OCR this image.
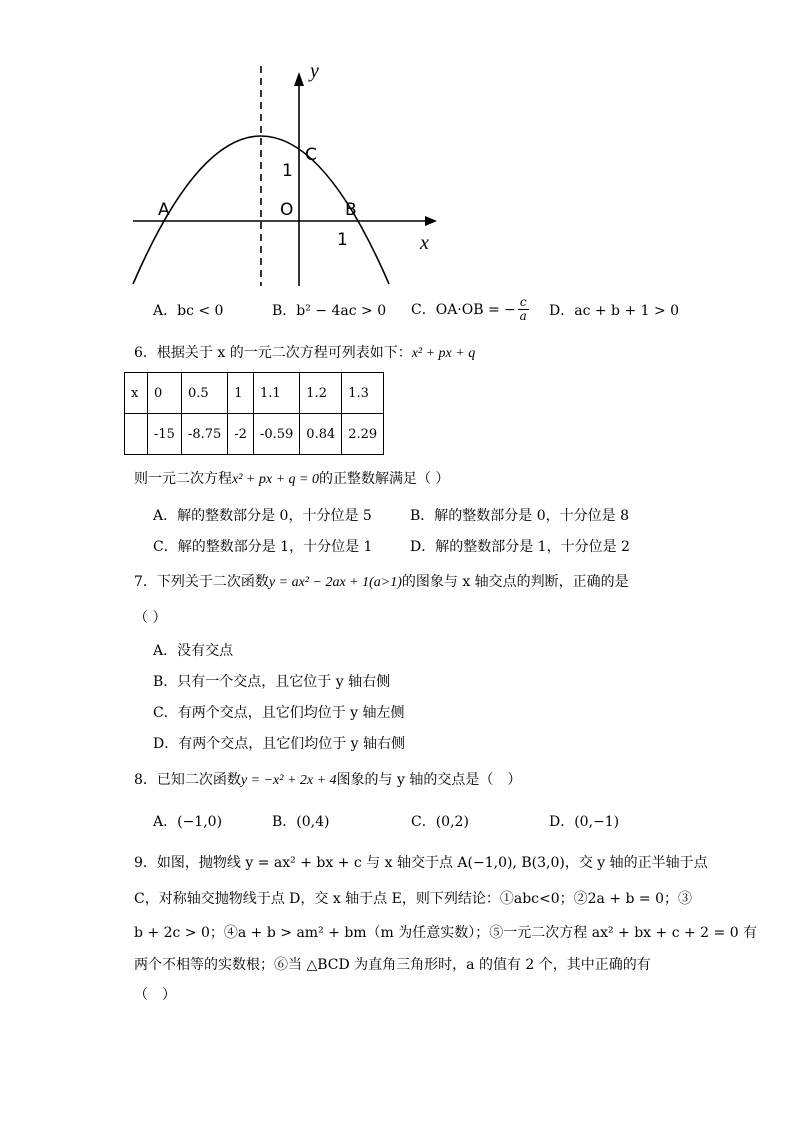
y
x
A	O	B
C
1
1
A．bc < 0	B．b² − 4ac > 0 C．OA·OB = − $\frac{c}{a}$ D．ac + b + 1 > 0
6．根据关于 x 的一元二次方程可列表如下：x² + px + q
x	0	0.5	1	1.1	1.2	1.3
	-15	-8.75	-2	-0.59	0.84	2.29
则一元二次方程x² + px + q = 0的正整数解满足（ ）
A．解的整数部分是 0，十分位是 5	B．解的整数部分是 0，十分位是 8
C．解的整数部分是 1，十分位是 1	D．解的整数部分是 1，十分位是 2
7．下列关于二次函数y = ax² − 2ax + 1(a>1)的图象与 x 轴交点的判断，正确的是
（ ）
A．没有交点
B．只有一个交点，且它位于 y 轴右侧
C．有两个交点，且它们均位于 y 轴左侧
D．有两个交点，且它们均位于 y 轴右侧
8．已知二次函数y = −x² + 2x + 4图象的与 y 轴的交点是（　）
A．(−1,0)	B．(0,4)	C．(0,2)	D．(0,−1)
9．如图，抛物线 y = ax² + bx + c 与 x 轴交于点 A(−1,0), B(3,0)，交 y 轴的正半轴于点
C，对称轴交抛物线于点 D，交 x 轴于点 E，则下列结论：①abc<0；②2a + b = 0；③
b + 2c > 0；④a + b > am² + bm（m 为任意实数）；⑤一元二次方程 ax² + bx + c + 2 = 0 有
两个不相等的实数根；⑥当 △BCD 为直角三角形时，a 的值有 2 个，其中正确的有
（　）
